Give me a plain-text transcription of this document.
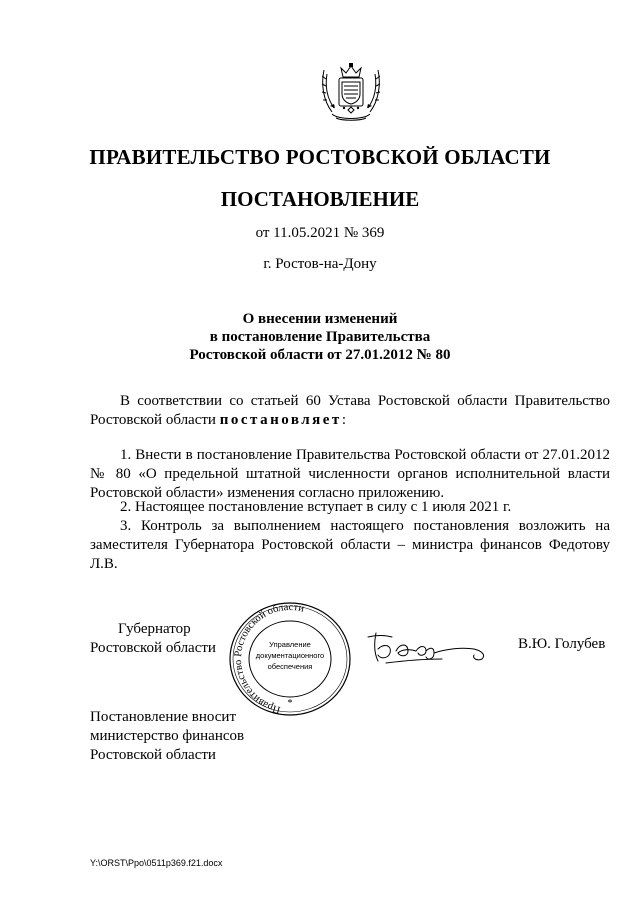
ПРАВИТЕЛЬСТВО РОСТОВСКОЙ ОБЛАСТИ
ПОСТАНОВЛЕНИЕ
от 11.05.2021 № 369
г. Ростов-на-Дону
О внесении изменений
в постановление Правительства
Ростовской области от 27.01.2012 № 80
В соответствии со статьей 60 Устава Ростовской области Правительство Ростовской области постановляет:
1. Внести в постановление Правительства Ростовской области от 27.01.2012 № 80 «О предельной штатной численности органов исполнительной власти Ростовской области» изменения согласно приложению.
2. Настоящее постановление вступает в силу с 1 июля 2021 г.
3. Контроль за выполнением настоящего постановления возложить на заместителя Губернатора Ростовской области – министра финансов Федотову Л.В.
Губернатор
Ростовской области
Правительство Ростовской области
Управление
документационного
обеспечения
*
В.Ю. Голубев
Постановление вносит
министерство финансов
Ростовской области
Y:\ORST\Ppo\0511p369.f21.docx
